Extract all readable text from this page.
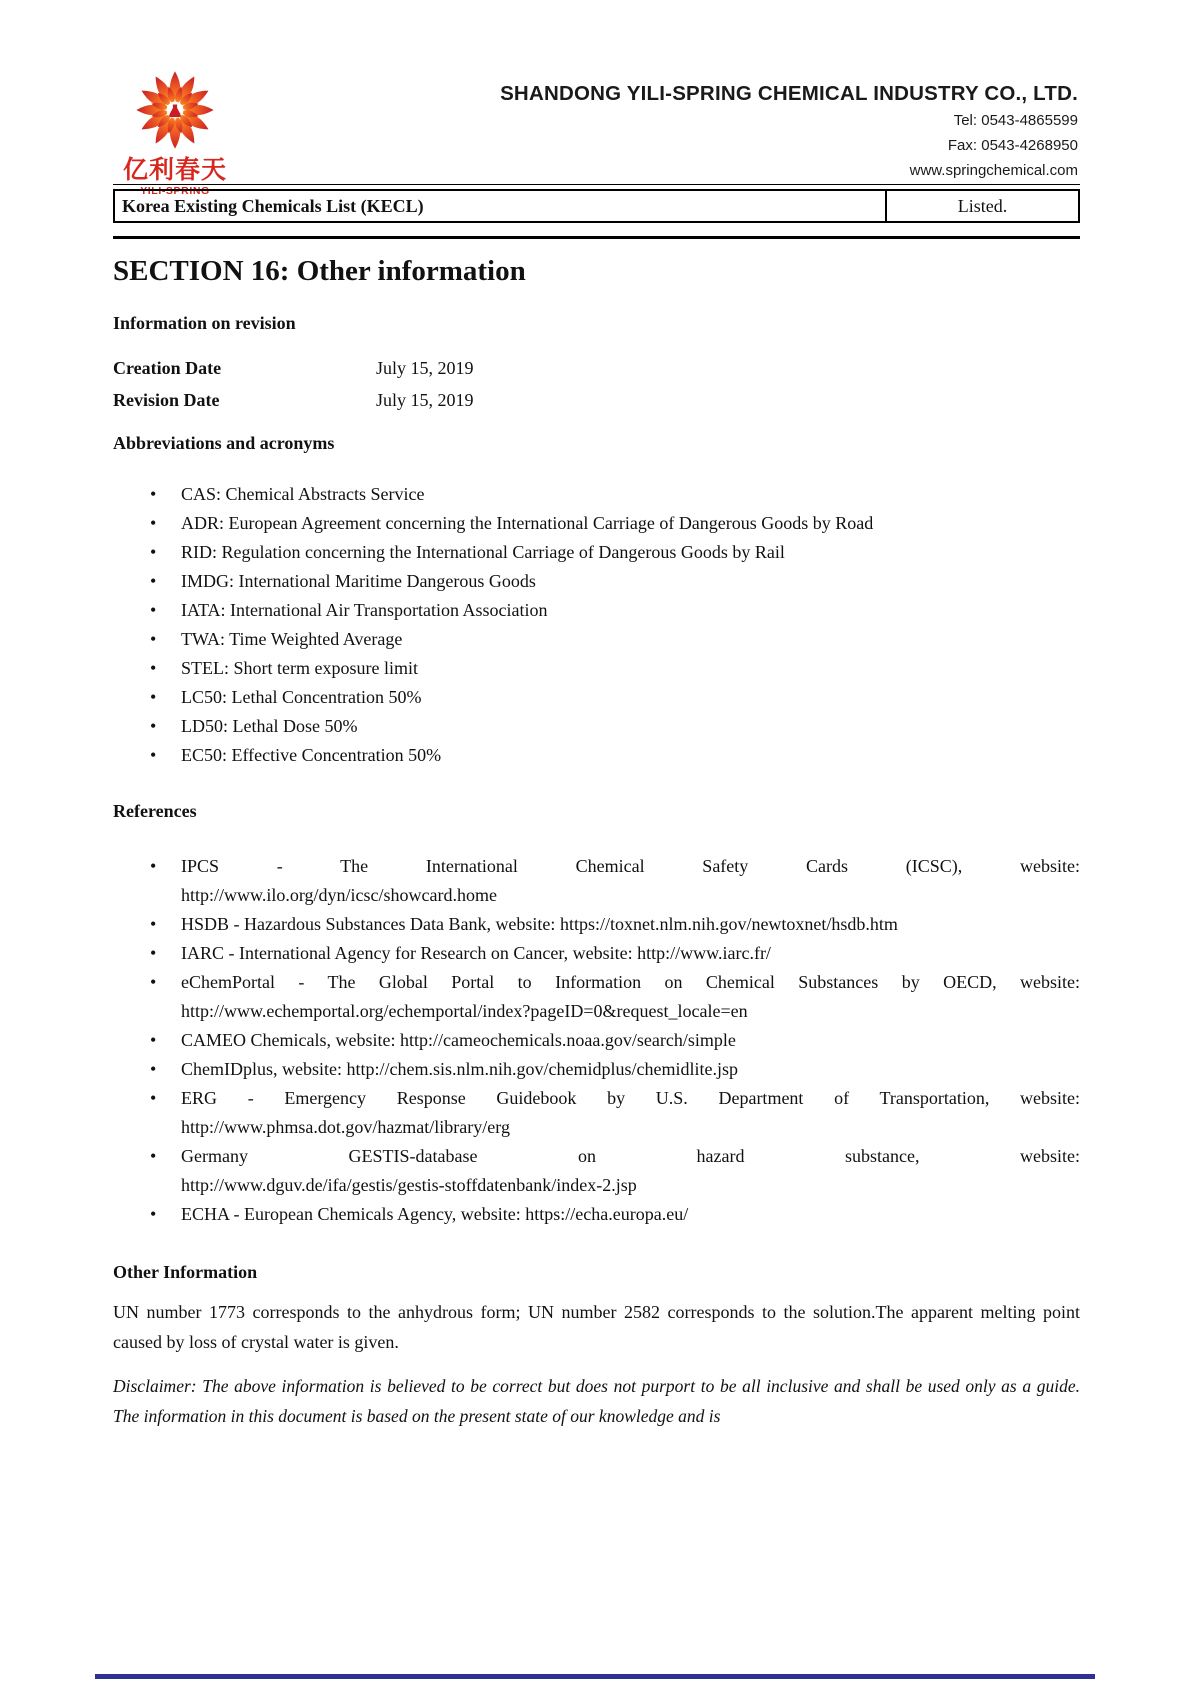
亿利春天
YILI-SPRING
SHANDONG YILI-SPRING CHEMICAL INDUSTRY CO., LTD.
Tel: 0543-4865599
Fax: 0543-4268950
www.springchemical.com
Korea Existing Chemicals List (KECL)	Listed.
SECTION 16: Other information
Information on revision
Creation Date	July 15, 2019
Revision Date	July 15, 2019
Abbreviations and acronyms
• CAS: Chemical Abstracts Service
• ADR: European Agreement concerning the International Carriage of Dangerous Goods by Road
• RID: Regulation concerning the International Carriage of Dangerous Goods by Rail
• IMDG: International Maritime Dangerous Goods
• IATA: International Air Transportation Association
• TWA: Time Weighted Average
• STEL: Short term exposure limit
• LC50: Lethal Concentration 50%
• LD50: Lethal Dose 50%
• EC50: Effective Concentration 50%
References
• IPCS - The International Chemical Safety Cards (ICSC), website:
http://www.ilo.org/dyn/icsc/showcard.home
• HSDB - Hazardous Substances Data Bank, website: https://toxnet.nlm.nih.gov/newtoxnet/hsdb.htm
• IARC - International Agency for Research on Cancer, website: http://www.iarc.fr/
• eChemPortal - The Global Portal to Information on Chemical Substances by OECD, website:
http://www.echemportal.org/echemportal/index?pageID=0&request_locale=en
• CAMEO Chemicals, website: http://cameochemicals.noaa.gov/search/simple
• ChemIDplus, website: http://chem.sis.nlm.nih.gov/chemidplus/chemidlite.jsp
• ERG - Emergency Response Guidebook by U.S. Department of Transportation, website:
http://www.phmsa.dot.gov/hazmat/library/erg
• Germany GESTIS-database on hazard substance, website:
http://www.dguv.de/ifa/gestis/gestis-stoffdatenbank/index-2.jsp
• ECHA - European Chemicals Agency, website: https://echa.europa.eu/
Other Information

UN number 1773 corresponds to the anhydrous form; UN number 2582 corresponds to the solution.The apparent melting point caused by loss of crystal water is given.

Disclaimer: The above information is believed to be correct but does not purport to be all inclusive and shall be used only as a guide. The information in this document is based on the present state of our knowledge and is
